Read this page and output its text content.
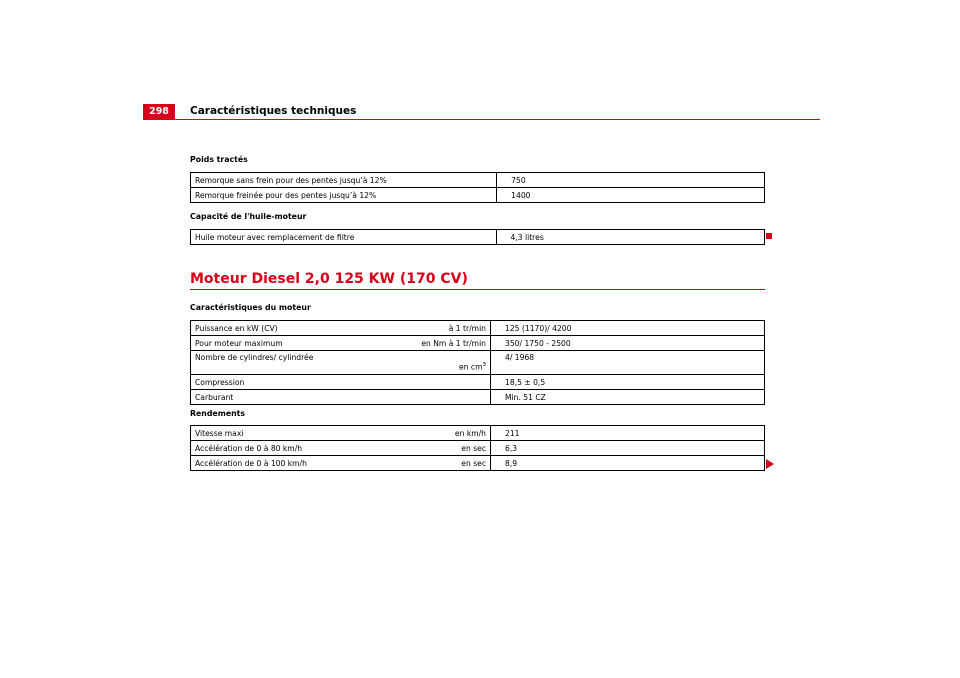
298	Caractéristiques techniques
Poids tractés
Remorque sans frein pour des pentes jusqu’à 12%	750
Remorque freinée pour des pentes jusqu’à 12%	1400
Capacité de l'huile-moteur
Huile moteur avec remplacement de filtre	4,3 litres
Moteur Diesel 2,0 125 KW (170 CV)
Caractéristiques du moteur
Puissance en kW (CV)	à 1 tr/min	125 (1170)/ 4200
Pour moteur maximum	en Nm à 1 tr/min	350/ 1750 - 2500
Nombre de cylindres/ cylindrée	en $cm^3$	4/ 1968
Compression		18,5 ± 0,5
Carburant		Min. 51 CZ
Rendements
Vitesse maxi	en km/h	211
Accélération de 0 à 80 km/h	en sec	6,3
Accélération de 0 à 100 km/h	en sec	8,9
